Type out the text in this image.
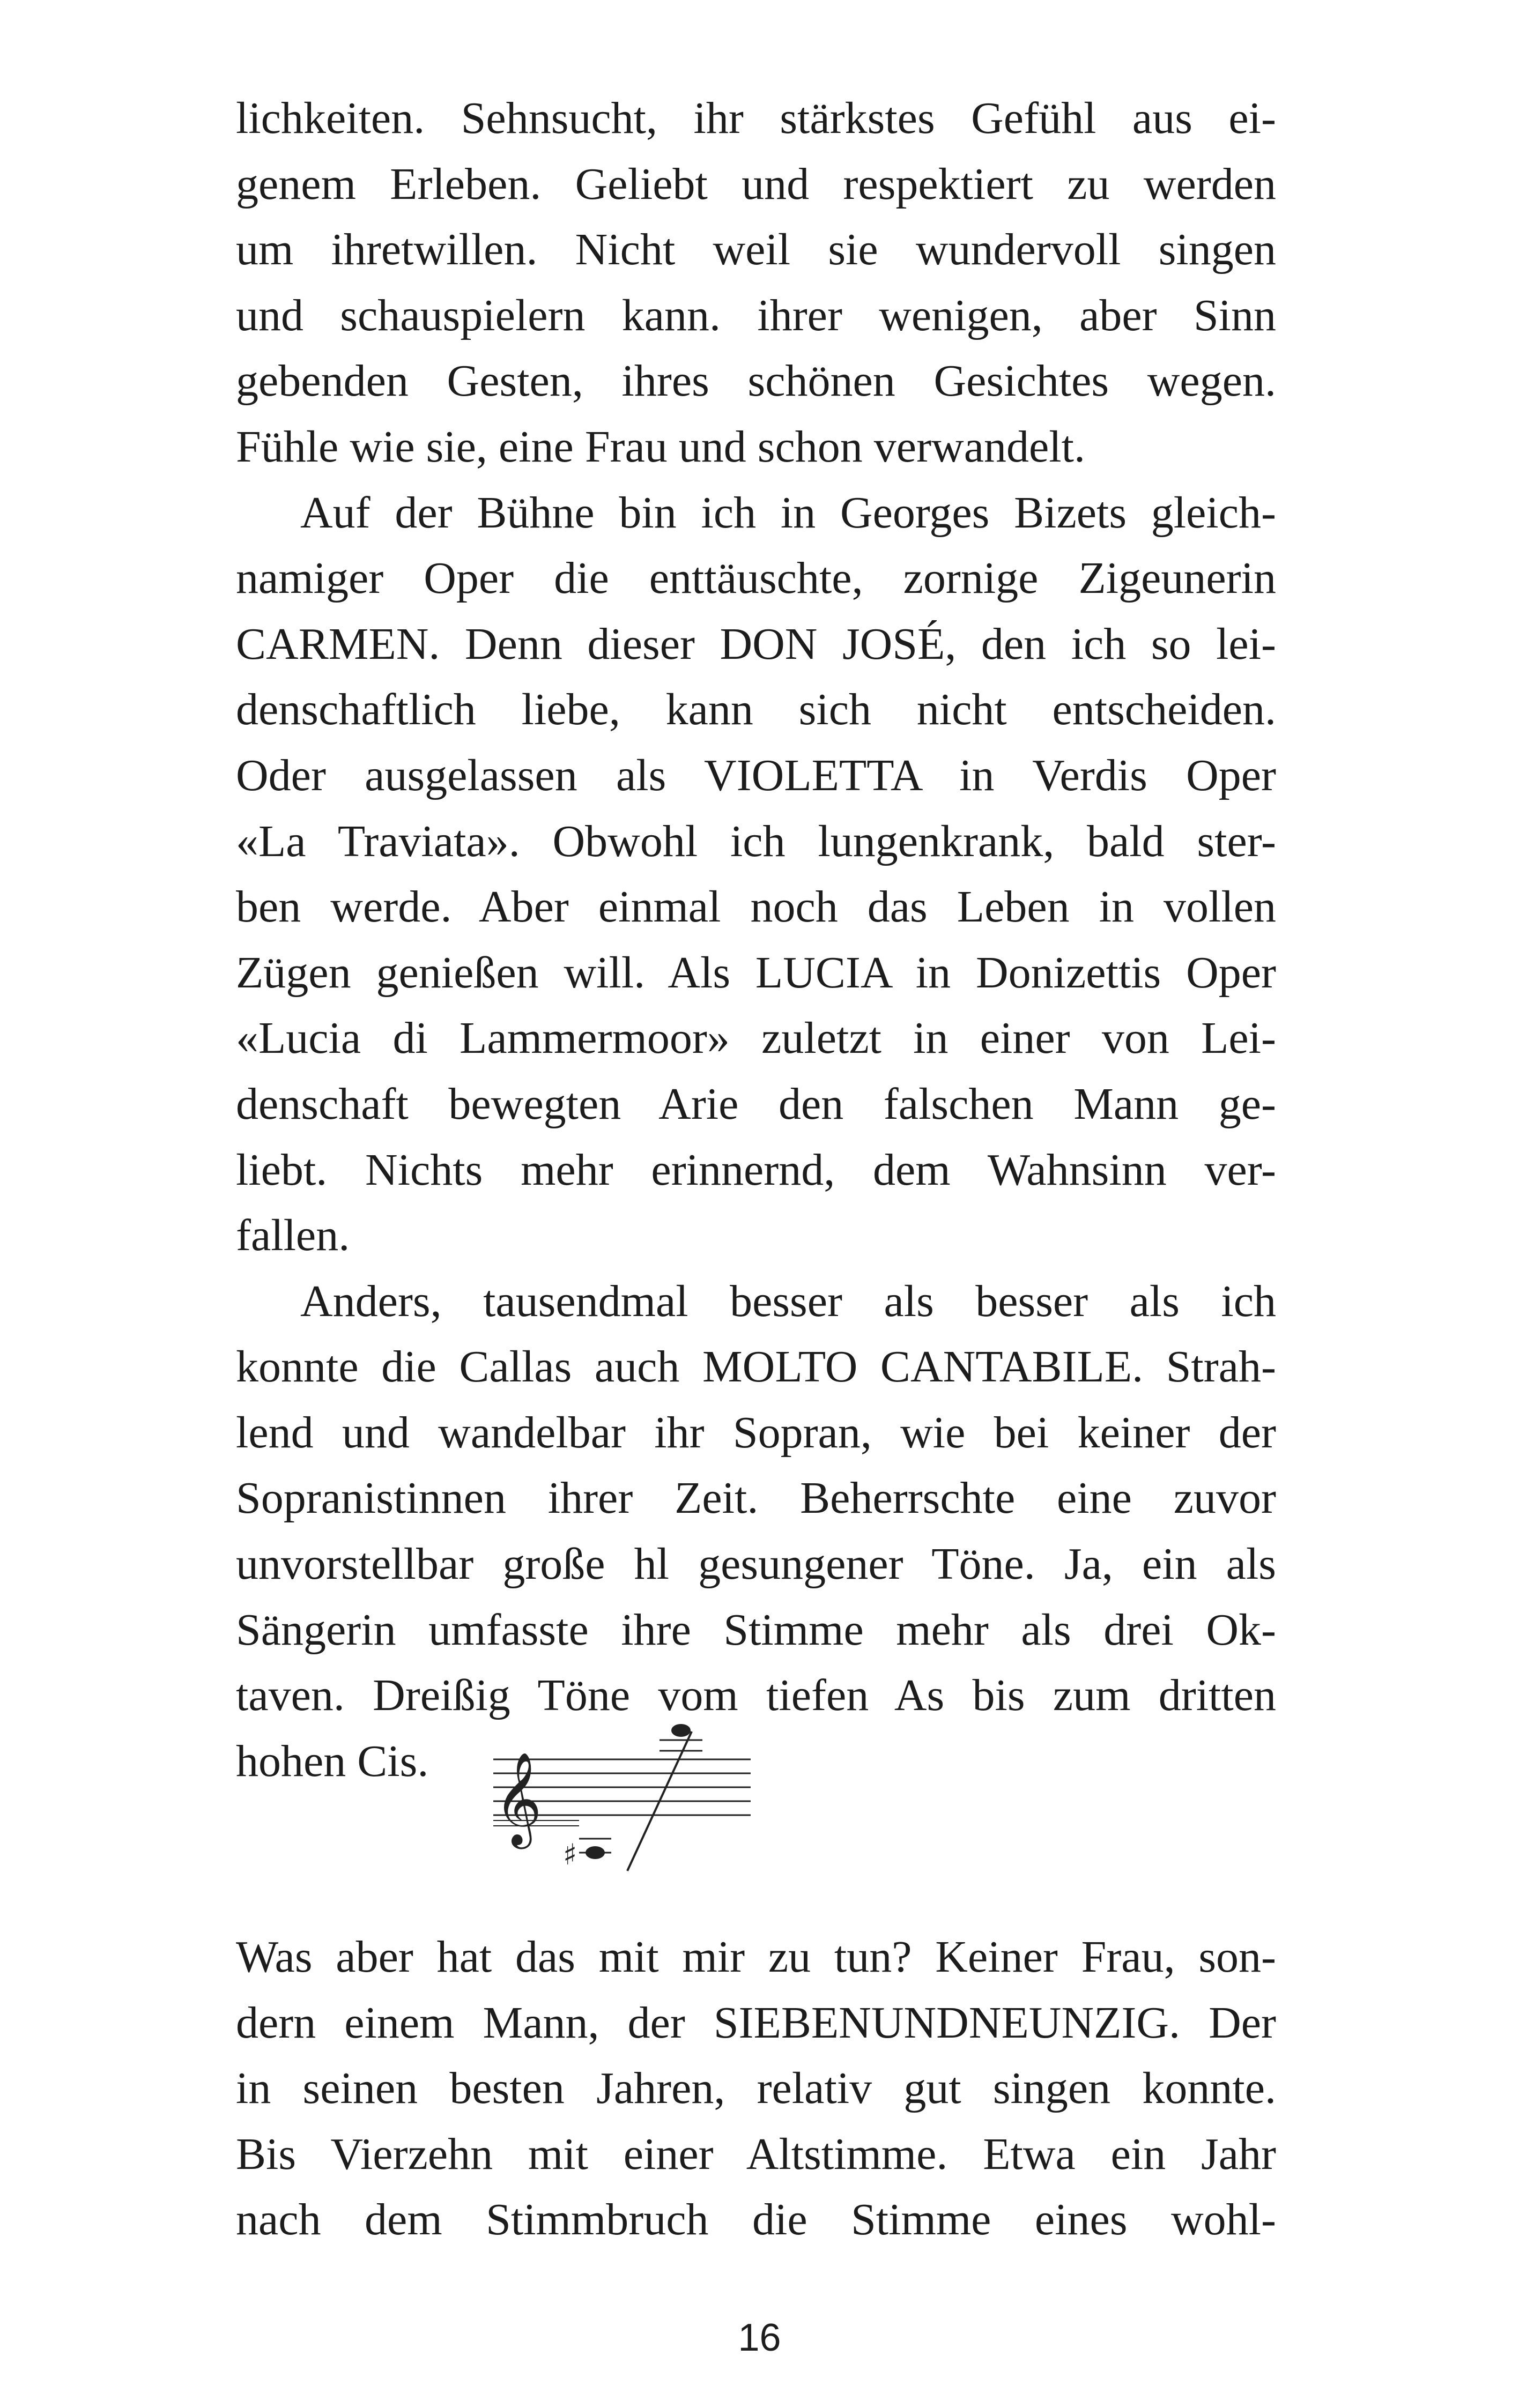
lichkeiten. Sehnsucht, ihr stärkstes Gefühl aus ei-
genem Erleben. Geliebt und respektiert zu werden
um ihretwillen. Nicht weil sie wundervoll singen
und schauspielern kann. ihrer wenigen, aber Sinn
gebenden Gesten, ihres schönen Gesichtes wegen.
Fühle wie sie, eine Frau und schon verwandelt.

Auf der Bühne bin ich in Georges Bizets gleich-
namiger Oper die enttäuschte, zornige Zigeunerin
CARMEN. Denn dieser DON JOSÉ, den ich so lei-
denschaftlich liebe, kann sich nicht entscheiden.
Oder ausgelassen als VIOLETTA in Verdis Oper
«La Traviata». Obwohl ich lungenkrank, bald ster-
ben werde. Aber einmal noch das Leben in vollen
Zügen genießen will. Als LUCIA in Donizettis Oper
«Lucia di Lammermoor» zuletzt in einer von Lei-
denschaft bewegten Arie den falschen Mann ge-
liebt. Nichts mehr erinnernd, dem Wahnsinn ver-
fallen.

Anders, tausendmal besser als besser als ich
konnte die Callas auch MOLTO CANTABILE. Strah-
lend und wandelbar ihr Sopran, wie bei keiner der
Sopranistinnen ihrer Zeit. Beherrschte eine zuvor
unvorstellbar große hl gesungener Töne. Ja, ein als
Sängerin umfasste ihre Stimme mehr als drei Ok-
taven. Dreißig Töne vom tiefen As bis zum dritten
hohen Cis. 𝄞
♯

Was aber hat das mit mir zu tun? Keiner Frau, son-
dern einem Mann, der SIEBENUNDNEUNZIG. Der
in seinen besten Jahren, relativ gut singen konnte.
Bis Vierzehn mit einer Altstimme. Etwa ein Jahr
nach dem Stimmbruch die Stimme eines wohl-

16
